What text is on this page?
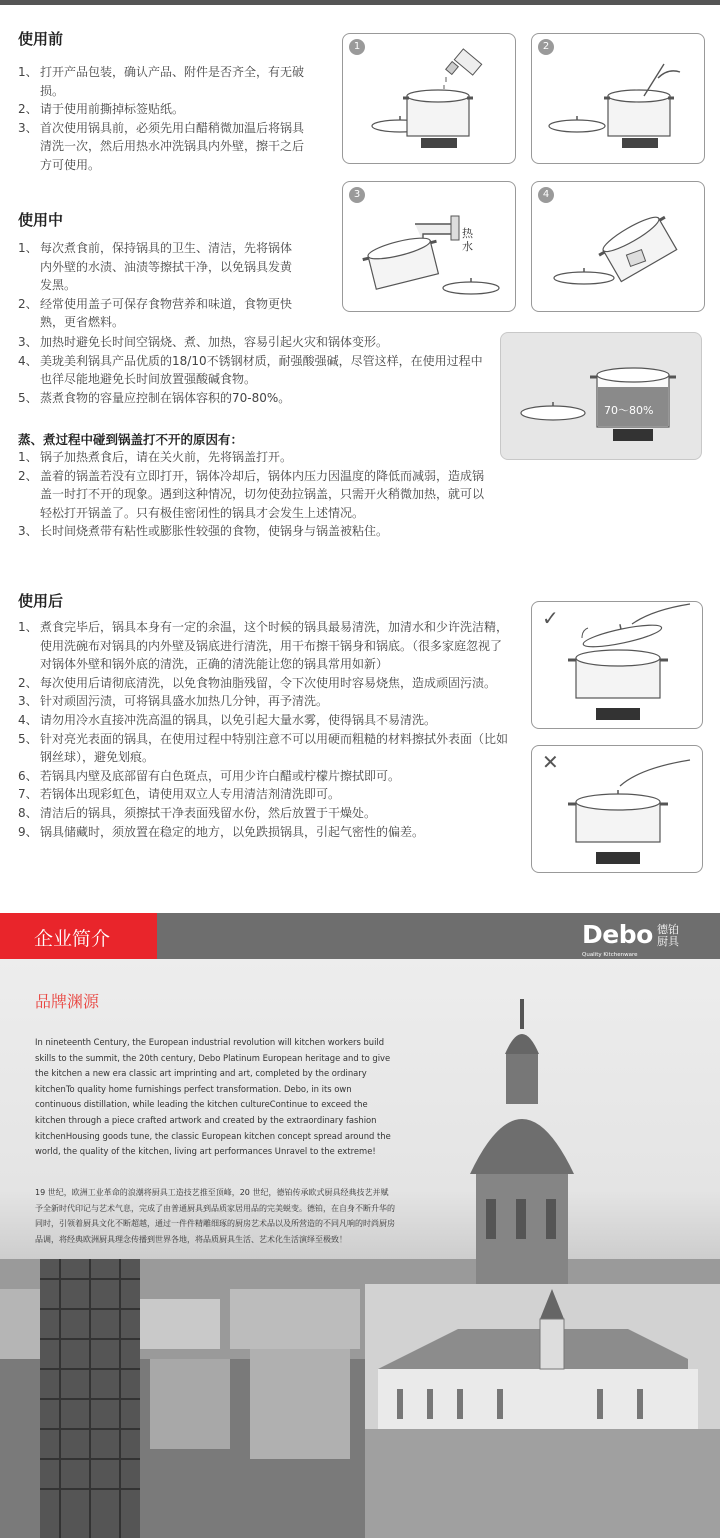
使用前
1、 打开产品包装，确认产品、附件是否齐全，有无破损。
2、 请于使用前撕掉标签贴纸。
3、 首次使用锅具前，必须先用白醋稍微加温后将锅具清洗一次，然后用热水冲洗锅具内外壁，擦干之后方可使用。
使用中
1、 每次煮食前，保持锅具的卫生、清洁，先将锅体内外壁的水渍、油渍等擦拭干净，以免锅具发黄发黑。
2、 经常使用盖子可保存食物营养和味道，食物更快熟，更省燃料。
3、 加热时避免长时间空锅烧、煮、加热，容易引起火灾和锅体变形。
4、 美珑美利锅具产品优质的18/10不锈钢材质，耐强酸强碱，尽管这样，在使用过程中也徉尽能地避免长时间放置强酸碱食物。
5、 蒸煮食物的容量应控制在锅体容积的70-80%。
蒸、煮过程中碰到锅盖打不开的原因有：
1、 锅子加热煮食后，请在关火前，先将锅盖打开。
2、 盖着的锅盖若没有立即打开，锅体冷却后，锅体内压力因温度的降低而减弱，造成锅盖一时打不开的现象。遇到这种情况，切勿使劲拉锅盖，只需开火稍微加热，就可以轻松打开锅盖了。只有极佳密闭性的锅具才会发生上述情况。
3、 长时间烧煮带有粘性或膨胀性较强的食物，使锅身与锅盖被粘住。
使用后
1、 煮食完毕后，锅具本身有一定的余温，这个时候的锅具最易清洗，加清水和少许洗洁精，使用洗碗布对锅具的内外壁及锅底进行清洗，用干布擦干锅身和锅底。（很多家庭忽视了对锅体外壁和锅外底的清洗，正确的清洗能让您的锅具常用如新）
2、 每次使用后请彻底清洗，以免食物油脂残留，令下次使用时容易烧焦，造成顽固污渍。
3、 针对顽固污渍，可将锅具盛水加热几分钟，再予清洗。
4、 请勿用冷水直接冲洗高温的锅具，以免引起大量水雾，使得锅具不易清洗。
5、 针对亮光表面的锅具，在使用过程中特别注意不可以用硬而粗糙的材料擦拭外表面（比如钢丝球），避免划痕。
6、 若锅具内壁及底部留有白色斑点，可用少许白醋或柠檬片擦拭即可。
7、 若锅体出现彩虹色，请使用双立人专用清洁剂清洗即可。
8、 清洁后的锅具，须擦拭干净表面残留水份，然后放置于干燥处。
9、 锅具储藏时，须放置在稳定的地方，以免跌损锅具，引起气密性的偏差。
1	2
3
热水
4
70～80%
✓
✕
企业简介	Debo 德铂厨具
Quality Kitchenware
品牌渊源
In nineteenth Century, the European industrial revolution will kitchen workers build skills to the summit, the 20th century, Debo Platinum European heritage and to give the kitchen a new era classic art imprinting and art, completed by the ordinary kitchenTo quality home furnishings perfect transformation. Debo, in its own continuous distillation, while leading the kitchen cultureContinue to exceed the kitchen through a piece crafted artwork and created by the extraordinary fashion kitchenHousing goods tune, the classic European kitchen concept spread around the world, the quality of the kitchen, living art performances Unravel to the extreme!
19 世纪，欧洲工业革命的浪潮将厨具工造技艺推至顶峰，20 世纪，德铂传承欧式厨具经典技艺并赋予全新时代印记与艺术气息，完成了由普通厨具到品质家居用品的完美蜕变。德铂，在自身不断升华的同时，引领着厨具文化不断超越，通过一件件精雕细琢的厨房艺术品以及所营造的不同凡响的时尚厨房品调，将经典欧洲厨具理念传播到世界各地，将品质厨具生活、艺术化生活演绎至极致！
